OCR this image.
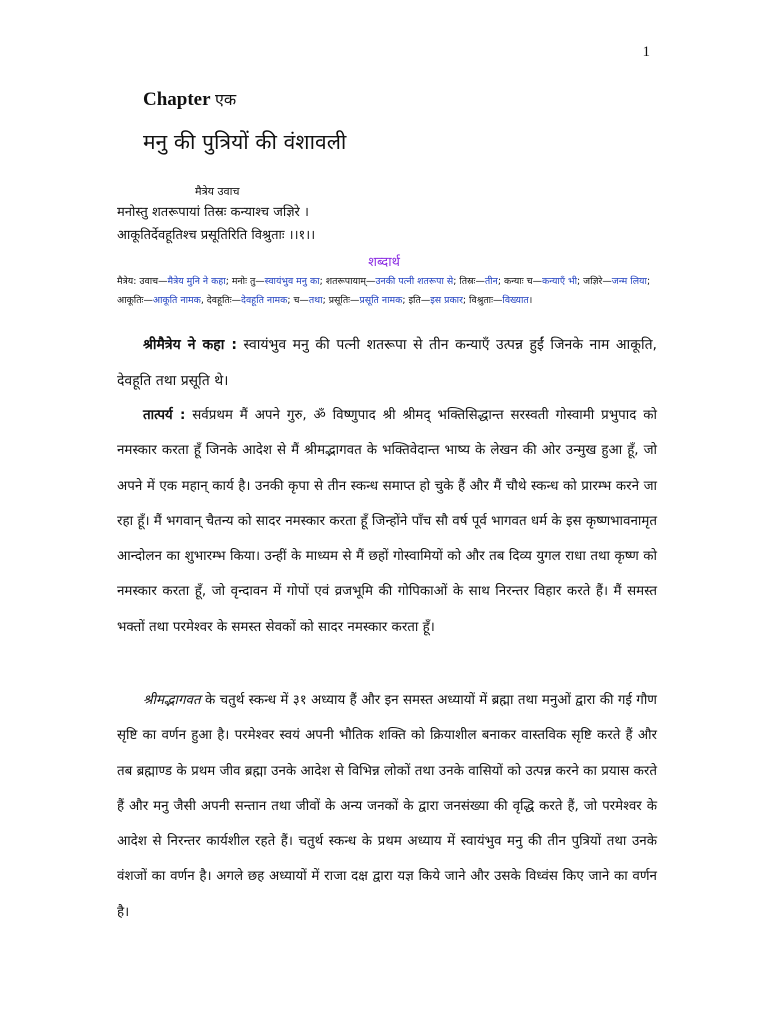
1
Chapter एक
मनु की पुत्रियों की वंशावली
मैत्रेय उवाच
मनोस्तु शतरूपायां तिस्रः कन्याश्च जज्ञिरे ।
आकूतिर्देवहूतिश्च प्रसूतिरिति विश्रुताः ।।१।।
शब्दार्थ
मैत्रेय: उवाच—मैत्रेय मुनि ने कहा; मनोः तु—स्वायंभुव मनु का; शतरूपायाम्—उनकी पत्नी शतरूपा से; तिस्रः—तीन; कन्याः च—कन्याएँ भी; जज्ञिरे—जन्म लिया; आकूतिः—आकूति नामक, देवहूतिः—देवहूति नामक; च—तथा; प्रसूतिः—प्रसूति नामक; इति—इस प्रकार; विश्रुताः—विख्यात।
श्रीमैत्रेय ने कहा : स्वायंभुव मनु की पत्नी शतरूपा से तीन कन्याएँ उत्पन्न हुईं जिनके नाम आकूति, देवहूति तथा प्रसूति थे।
तात्पर्य : सर्वप्रथम मैं अपने गुरु, ॐ विष्णुपाद श्री श्रीमद् भक्तिसिद्धान्त सरस्वती गोस्वामी प्रभुपाद को नमस्कार करता हूँ जिनके आदेश से मैं श्रीमद्भागवत के भक्तिवेदान्त भाष्य के लेखन की ओर उन्मुख हुआ हूँ, जो अपने में एक महान् कार्य है। उनकी कृपा से तीन स्कन्ध समाप्त हो चुके हैं और मैं चौथे स्कन्ध को प्रारम्भ करने जा रहा हूँ। मैं भगवान् चैतन्य को सादर नमस्कार करता हूँ जिन्होंने पाँच सौ वर्ष पूर्व भागवत धर्म के इस कृष्णभावनामृत आन्दोलन का शुभारम्भ किया। उन्हीं के माध्यम से मैं छहों गोस्वामियों को और तब दिव्य युगल राधा तथा कृष्ण को नमस्कार करता हूँ, जो वृन्दावन में गोपों एवं व्रजभूमि की गोपिकाओं के साथ निरन्तर विहार करते हैं। मैं समस्त भक्तों तथा परमेश्वर के समस्त सेवकों को सादर नमस्कार करता हूँ।
श्रीमद्भागवत के चतुर्थ स्कन्ध में ३१ अध्याय हैं और इन समस्त अध्यायों में ब्रह्मा तथा मनुओं द्वारा की गई गौण सृष्टि का वर्णन हुआ है। परमेश्वर स्वयं अपनी भौतिक शक्ति को क्रियाशील बनाकर वास्तविक सृष्टि करते हैं और तब ब्रह्माण्ड के प्रथम जीव ब्रह्मा उनके आदेश से विभिन्न लोकों तथा उनके वासियों को उत्पन्न करने का प्रयास करते हैं और मनु जैसी अपनी सन्तान तथा जीवों के अन्य जनकों के द्वारा जनसंख्या की वृद्धि करते हैं, जो परमेश्वर के आदेश से निरन्तर कार्यशील रहते हैं। चतुर्थ स्कन्ध के प्रथम अध्याय में स्वायंभुव मनु की तीन पुत्रियों तथा उनके वंशजों का वर्णन है। अगले छह अध्यायों में राजा दक्ष द्वारा यज्ञ किये जाने और उसके विध्वंस किए जाने का वर्णन है।
